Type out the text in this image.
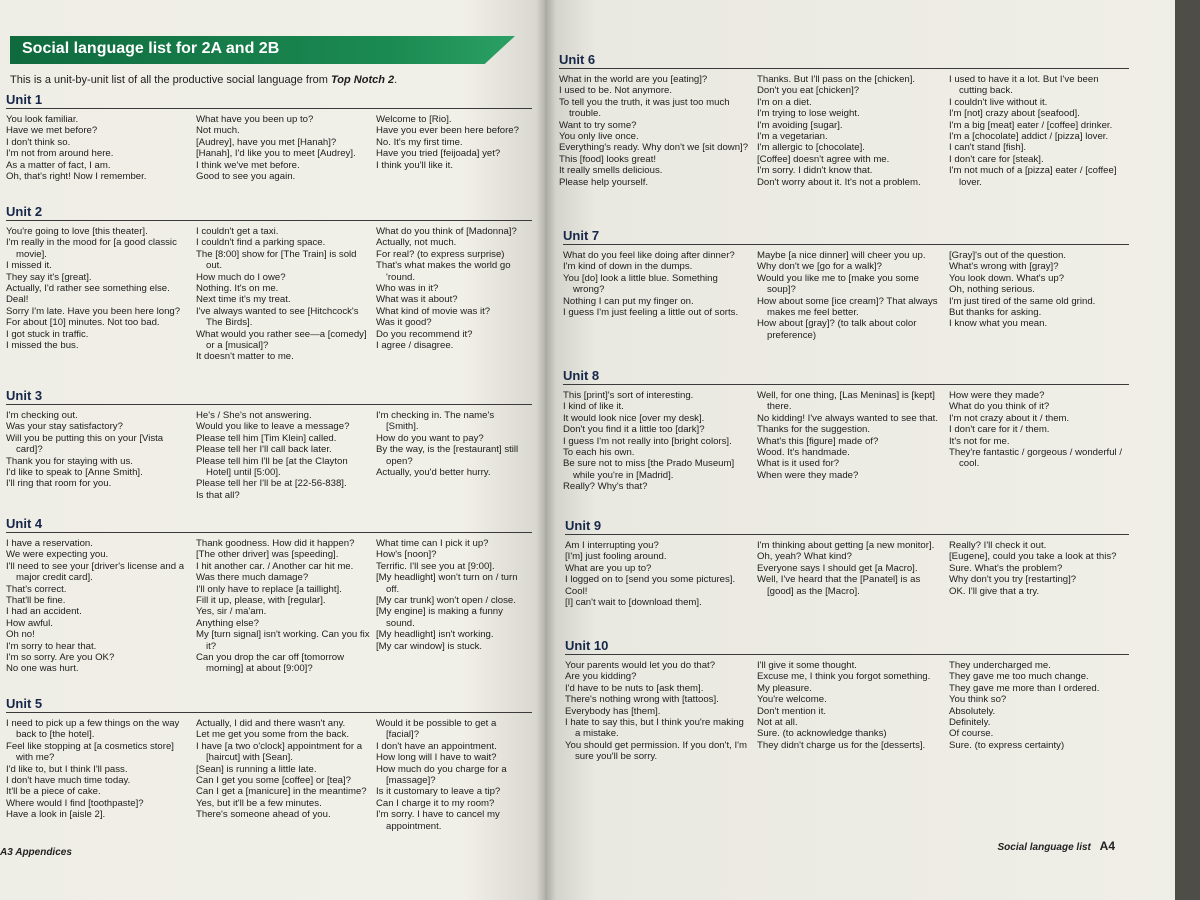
Social language list for 2A and 2B
This is a unit-by-unit list of all the productive social language from Top Notch 2.
Unit 1
You look familiar.
Have we met before?
I don't think so.
I'm not from around here.
As a matter of fact, I am.
Oh, that's right! Now I remember.
What have you been up to?
Not much.
[Audrey], have you met [Hanah]?
[Hanah], I'd like you to meet [Audrey].
I think we've met before.
Good to see you again.
Welcome to [Rio].
Have you ever been here before?
No. It's my first time.
Have you tried [feijoada] yet?
I think you'll like it.
Unit 2
You're going to love [this theater].
I'm really in the mood for [a good classic movie].
I missed it.
They say it's [great].
Actually, I'd rather see something else.
Deal!
Sorry I'm late. Have you been here long?
For about [10] minutes. Not too bad.
I got stuck in traffic.
I missed the bus.
I couldn't get a taxi.
I couldn't find a parking space.
The [8:00] show for [The Train] is sold out.
How much do I owe?
Nothing. It's on me.
Next time it's my treat.
I've always wanted to see [Hitchcock's The Birds].
What would you rather see—a [comedy] or a [musical]?
It doesn't matter to me.
What do you think of [Madonna]?
Actually, not much.
For real? (to express surprise)
That's what makes the world go 'round.
Who was in it?
What was it about?
What kind of movie was it?
Was it good?
Do you recommend it?
I agree / disagree.
Unit 3
I'm checking out.
Was your stay satisfactory?
Will you be putting this on your [Vista card]?
Thank you for staying with us.
I'd like to speak to [Anne Smith].
I'll ring that room for you.
He's / She's not answering.
Would you like to leave a message?
Please tell him [Tim Klein] called.
Please tell her I'll call back later.
Please tell him I'll be [at the Clayton Hotel] until [5:00].
Please tell her I'll be at [22-56-838].
Is that all?
I'm checking in. The name's [Smith].
How do you want to pay?
By the way, is the [restaurant] still open?
Actually, you'd better hurry.
Unit 4
I have a reservation.
We were expecting you.
I'll need to see your [driver's license and a major credit card].
That's correct.
That'll be fine.
I had an accident.
How awful.
Oh no!
I'm sorry to hear that.
I'm so sorry. Are you OK?
No one was hurt.
Thank goodness. How did it happen?
[The other driver] was [speeding].
I hit another car. / Another car hit me.
Was there much damage?
I'll only have to replace [a taillight].
Fill it up, please, with [regular].
Yes, sir / ma'am.
Anything else?
My [turn signal] isn't working. Can you fix it?
Can you drop the car off [tomorrow morning] at about [9:00]?
What time can I pick it up?
How's [noon]?
Terrific. I'll see you at [9:00].
[My headlight] won't turn on / turn off.
[My car trunk] won't open / close.
[My engine] is making a funny sound.
[My headlight] isn't working.
[My car window] is stuck.
Unit 5
I need to pick up a few things on the way back to [the hotel].
Feel like stopping at [a cosmetics store] with me?
I'd like to, but I think I'll pass.
I don't have much time today.
It'll be a piece of cake.
Where would I find [toothpaste]?
Have a look in [aisle 2].
Actually, I did and there wasn't any.
Let me get you some from the back.
I have [a two o'clock] appointment for a [haircut] with [Sean].
[Sean] is running a little late.
Can I get you some [coffee] or [tea]?
Can I get a [manicure] in the meantime?
Yes, but it'll be a few minutes.
There's someone ahead of you.
Would it be possible to get a [facial]?
I don't have an appointment.
How long will I have to wait?
How much do you charge for a [massage]?
Is it customary to leave a tip?
Can I charge it to my room?
I'm sorry. I have to cancel my appointment.
A3 Appendices
Unit 6
What in the world are you [eating]?
I used to be. Not anymore.
To tell you the truth, it was just too much trouble.
Want to try some?
You only live once.
Everything's ready. Why don't we [sit down]?
This [food] looks great!
It really smells delicious.
Please help yourself.
Thanks. But I'll pass on the [chicken].
Don't you eat [chicken]?
I'm on a diet.
I'm trying to lose weight.
I'm avoiding [sugar].
I'm a vegetarian.
I'm allergic to [chocolate].
[Coffee] doesn't agree with me.
I'm sorry. I didn't know that.
Don't worry about it. It's not a problem.
I used to have it a lot. But I've been cutting back.
I couldn't live without it.
I'm [not] crazy about [seafood].
I'm a big [meat] eater / [coffee] drinker.
I'm a [chocolate] addict / [pizza] lover.
I can't stand [fish].
I don't care for [steak].
I'm not much of a [pizza] eater / [coffee] lover.
Unit 7
What do you feel like doing after dinner?
I'm kind of down in the dumps.
You [do] look a little blue. Something wrong?
Nothing I can put my finger on.
I guess I'm just feeling a little out of sorts.
Maybe [a nice dinner] will cheer you up.
Why don't we [go for a walk]?
Would you like me to [make you some soup]?
How about some [ice cream]? That always makes me feel better.
How about [gray]? (to talk about color preference)
[Gray]'s out of the question.
What's wrong with [gray]?
You look down. What's up?
Oh, nothing serious.
I'm just tired of the same old grind.
But thanks for asking.
I know what you mean.
Unit 8
This [print]'s sort of interesting.
I kind of like it.
It would look nice [over my desk].
Don't you find it a little too [dark]?
I guess I'm not really into [bright colors].
To each his own.
Be sure not to miss [the Prado Museum] while you're in [Madrid].
Really? Why's that?
Well, for one thing, [Las Meninas] is [kept] there.
No kidding! I've always wanted to see that.
Thanks for the suggestion.
What's this [figure] made of?
Wood. It's handmade.
What is it used for?
When were they made?
How were they made?
What do you think of it?
I'm not crazy about it / them.
I don't care for it / them.
It's not for me.
They're fantastic / gorgeous / wonderful / cool.
Unit 9
Am I interrupting you?
[I'm] just fooling around.
What are you up to?
I logged on to [send you some pictures].
Cool!
[I] can't wait to [download them].
I'm thinking about getting [a new monitor].
Oh, yeah? What kind?
Everyone says I should get [a Macro].
Well, I've heard that the [Panatel] is as [good] as the [Macro].
Really? I'll check it out.
[Eugene], could you take a look at this?
Sure. What's the problem?
Why don't you try [restarting]?
OK. I'll give that a try.
Unit 10
Your parents would let you do that?
Are you kidding?
I'd have to be nuts to [ask them].
There's nothing wrong with [tattoos].
Everybody has [them].
I hate to say this, but I think you're making a mistake.
You should get permission. If you don't, I'm sure you'll be sorry.
I'll give it some thought.
Excuse me, I think you forgot something.
My pleasure.
You're welcome.
Don't mention it.
Not at all.
Sure. (to acknowledge thanks)
They didn't charge us for the [desserts].
They undercharged me.
They gave me too much change.
They gave me more than I ordered.
You think so?
Absolutely.
Definitely.
Of course.
Sure. (to express certainty)
Social language list A4
